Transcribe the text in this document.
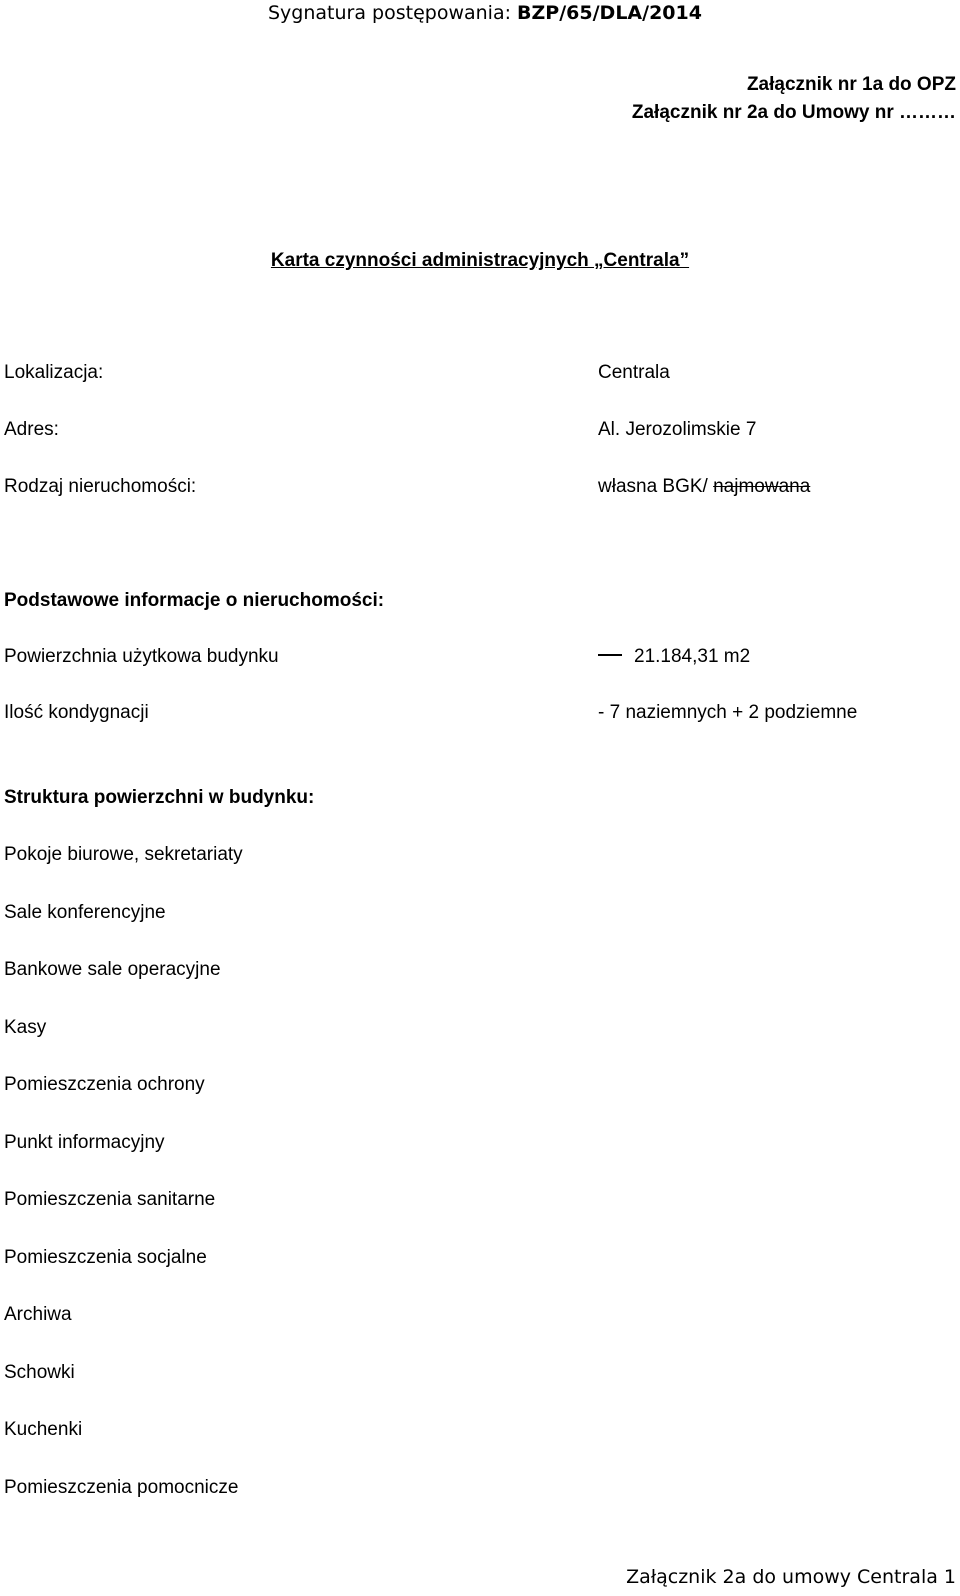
Sygnatura postępowania: BZP/65/DLA/2014
Załącznik nr 1a do OPZ
Załącznik nr 2a do Umowy nr ………
Karta czynności administracyjnych „Centrala”
Lokalizacja:	Centrala
Adres:	Al. Jerozolimskie 7
Rodzaj nieruchomości:	własna BGK/ najmowana
Podstawowe informacje o nieruchomości:
Powierzchnia użytkowa budynku	21.184,31 m2
Ilość kondygnacji	- 7 naziemnych + 2 podziemne
Struktura powierzchni w budynku:
Pokoje biurowe, sekretariaty
Sale konferencyjne
Bankowe sale operacyjne
Kasy
Pomieszczenia ochrony
Punkt informacyjny
Pomieszczenia sanitarne
Pomieszczenia socjalne
Archiwa
Schowki
Kuchenki
Pomieszczenia pomocnicze
Załącznik 2a do umowy Centrala 1
